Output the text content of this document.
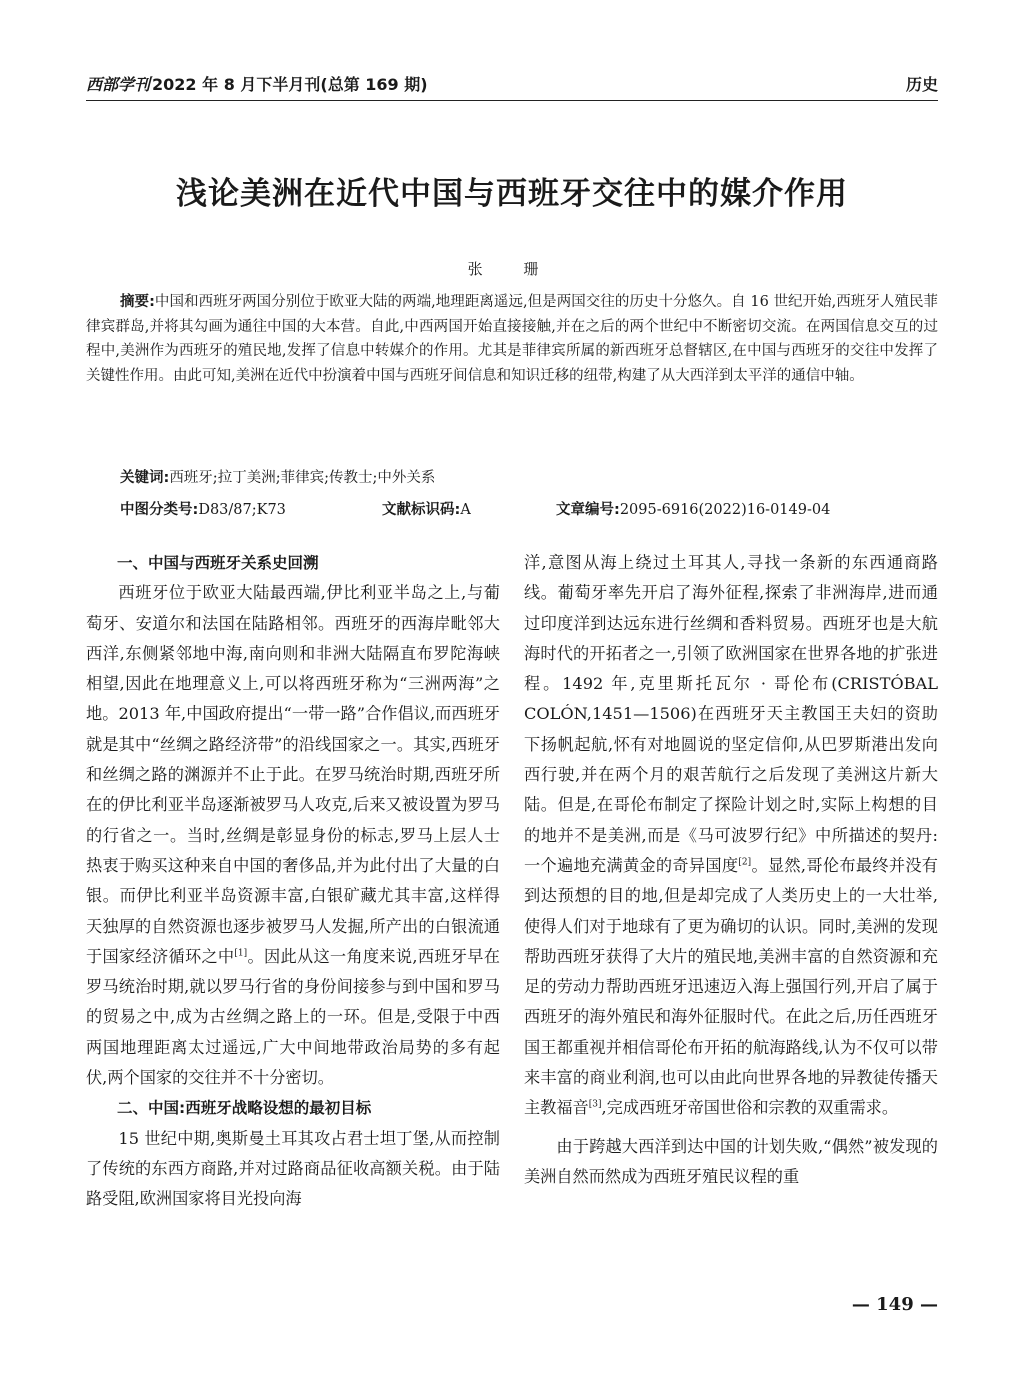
西部学刊 2022 年 8 月下半月刊(总第 169 期)	历史
浅论美洲在近代中国与西班牙交往中的媒介作用
张 珊

摘要:中国和西班牙两国分别位于欧亚大陆的两端,地理距离遥远,但是两国交往的历史十分悠久。自 16 世纪开始,西班牙人殖民菲律宾群岛,并将其勾画为通往中国的大本营。自此,中西两国开始直接接触,并在之后的两个世纪中不断密切交流。在两国信息交互的过程中,美洲作为西班牙的殖民地,发挥了信息中转媒介的作用。尤其是菲律宾所属的新西班牙总督辖区,在中国与西班牙的交往中发挥了关键性作用。由此可知,美洲在近代中扮演着中国与西班牙间信息和知识迁移的纽带,构建了从大西洋到太平洋的通信中轴。

关键词:西班牙;拉丁美洲;菲律宾;传教士;中外关系
中图分类号:D83/87;K73	文献标识码:A	文章编号:2095-6916(2022)16-0149-04
一、中国与西班牙关系史回溯

西班牙位于欧亚大陆最西端,伊比利亚半岛之上,与葡萄牙、安道尔和法国在陆路相邻。西班牙的西海岸毗邻大西洋,东侧紧邻地中海,南向则和非洲大陆隔直布罗陀海峡相望,因此在地理意义上,可以将西班牙称为“三洲两海”之地。2013 年,中国政府提出“一带一路”合作倡议,而西班牙就是其中“丝绸之路经济带”的沿线国家之一。其实,西班牙和丝绸之路的渊源并不止于此。在罗马统治时期,西班牙所在的伊比利亚半岛逐渐被罗马人攻克,后来又被设置为罗马的行省之一。当时,丝绸是彰显身份的标志,罗马上层人士热衷于购买这种来自中国的奢侈品,并为此付出了大量的白银。而伊比利亚半岛资源丰富,白银矿藏尤其丰富,这样得天独厚的自然资源也逐步被罗马人发掘,所产出的白银流通于国家经济循环之中[1]。因此从这一角度来说,西班牙早在罗马统治时期,就以罗马行省的身份间接参与到中国和罗马的贸易之中,成为古丝绸之路上的一环。但是,受限于中西两国地理距离太过遥远,广大中间地带政治局势的多有起伏,两个国家的交往并不十分密切。

二、中国:西班牙战略设想的最初目标

15 世纪中期,奥斯曼土耳其攻占君士坦丁堡,从而控制了传统的东西方商路,并对过路商品征收高额关税。由于陆路受阻,欧洲国家将目光投向海

洋,意图从海上绕过土耳其人,寻找一条新的东西通商路线。葡萄牙率先开启了海外征程,探索了非洲海岸,进而通过印度洋到达远东进行丝绸和香料贸易。西班牙也是大航海时代的开拓者之一,引领了欧洲国家在世界各地的扩张进程。1492 年,克里斯托瓦尔 · 哥伦布(CRISTÓBAL COLÓN,1451—1506)在西班牙天主教国王夫妇的资助下扬帆起航,怀有对地圆说的坚定信仰,从巴罗斯港出发向西行驶,并在两个月的艰苦航行之后发现了美洲这片新大陆。但是,在哥伦布制定了探险计划之时,实际上构想的目的地并不是美洲,而是《马可波罗行纪》中所描述的契丹:一个遍地充满黄金的奇异国度[2]。显然,哥伦布最终并没有到达预想的目的地,但是却完成了人类历史上的一大壮举,使得人们对于地球有了更为确切的认识。同时,美洲的发现帮助西班牙获得了大片的殖民地,美洲丰富的自然资源和充足的劳动力帮助西班牙迅速迈入海上强国行列,开启了属于西班牙的海外殖民和海外征服时代。在此之后,历任西班牙国王都重视并相信哥伦布开拓的航海路线,认为不仅可以带来丰富的商业利润,也可以由此向世界各地的异教徒传播天主教福音[3],完成西班牙帝国世俗和宗教的双重需求。

由于跨越大西洋到达中国的计划失败,“偶然”被发现的美洲自然而然成为西班牙殖民议程的重

— 149 —
